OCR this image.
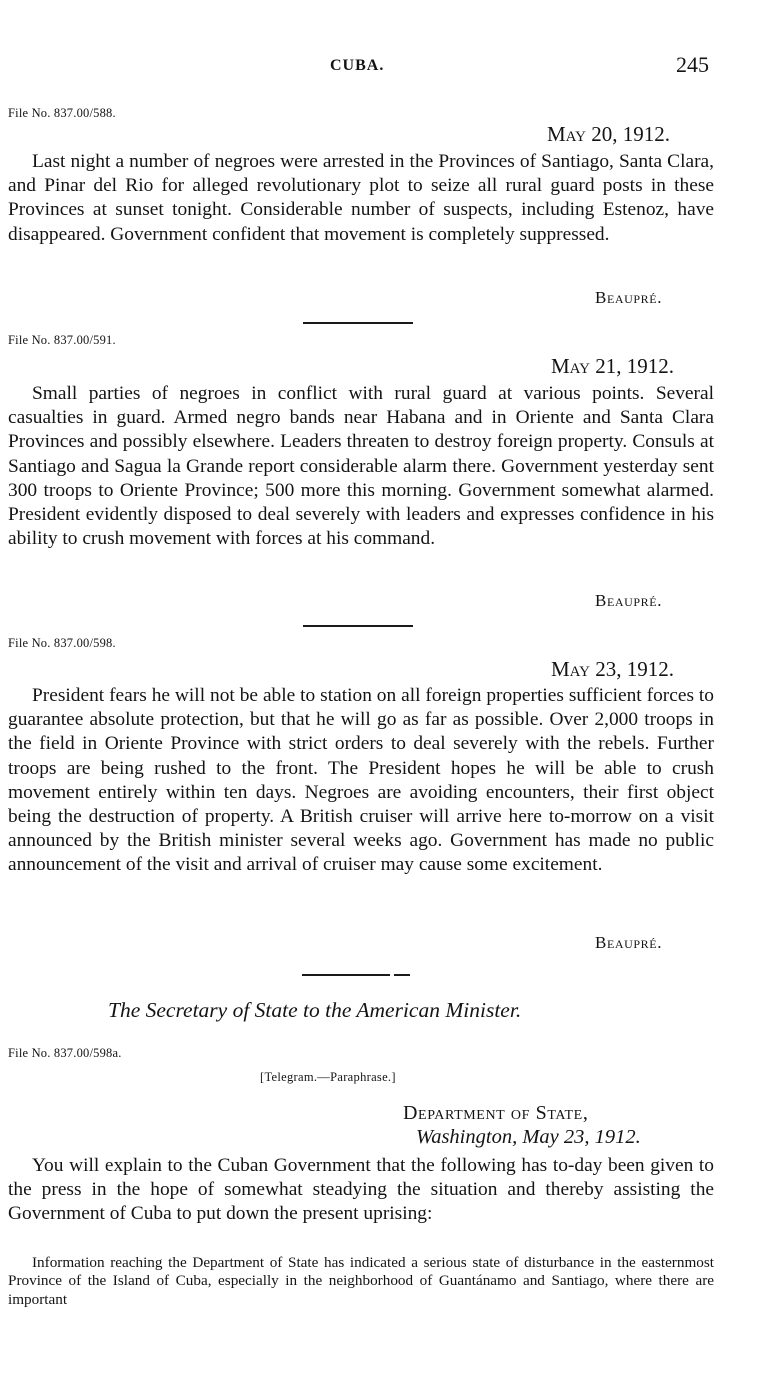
CUBA.	245
File No. 837.00/588.
May 20, 1912.

Last night a number of negroes were arrested in the Provinces of Santiago, Santa Clara, and Pinar del Rio for alleged revolutionary plot to seize all rural guard posts in these Provinces at sunset tonight. Considerable number of suspects, including Estenoz, have disappeared. Government confident that movement is completely suppressed.

Beaupré.
File No. 837.00/591.
May 21, 1912.

Small parties of negroes in conflict with rural guard at various points. Several casualties in guard. Armed negro bands near Habana and in Oriente and Santa Clara Provinces and possibly elsewhere. Leaders threaten to destroy foreign property. Consuls at Santiago and Sagua la Grande report considerable alarm there. Government yesterday sent 300 troops to Oriente Province; 500 more this morning. Government somewhat alarmed. President evidently disposed to deal severely with leaders and expresses confidence in his ability to crush movement with forces at his command.

Beaupré.
File No. 837.00/598.
May 23, 1912.

President fears he will not be able to station on all foreign properties sufficient forces to guarantee absolute protection, but that he will go as far as possible. Over 2,000 troops in the field in Oriente Province with strict orders to deal severely with the rebels. Further troops are being rushed to the front. The President hopes he will be able to crush movement entirely within ten days. Negroes are avoiding encounters, their first object being the destruction of property. A British cruiser will arrive here to-morrow on a visit announced by the British minister several weeks ago. Government has made no public announcement of the visit and arrival of cruiser may cause some excitement.

Beaupré.
The Secretary of State to the American Minister.
File No. 837.00/598a.
[Telegram.—Paraphrase.]
Department of State,
Washington, May 23, 1912.

You will explain to the Cuban Government that the following has to-day been given to the press in the hope of somewhat steadying the situation and thereby assisting the Government of Cuba to put down the present uprising:

Information reaching the Department of State has indicated a serious state of disturbance in the easternmost Province of the Island of Cuba, especially in the neighborhood of Guantánamo and Santiago, where there are important
